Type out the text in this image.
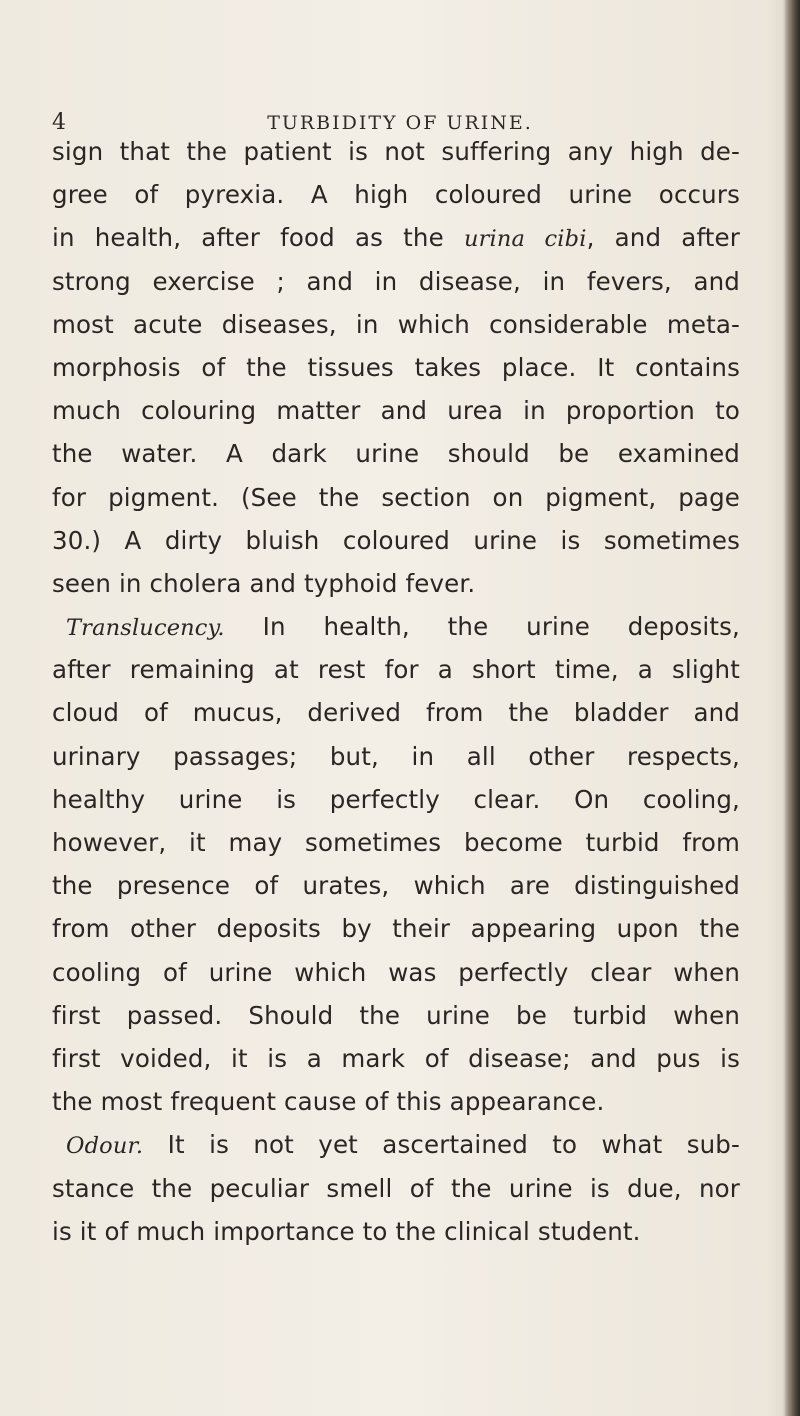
4	TURBIDITY OF URINE.
sign that the patient is not suffering any high de-
gree of pyrexia. A high coloured urine occurs
in health, after food as the urina cibi, and after
strong exercise ; and in disease, in fevers, and
most acute diseases, in which considerable meta-
morphosis of the tissues takes place. It contains
much colouring matter and urea in proportion to
the water. A dark urine should be examined
for pigment. (See the section on pigment, page
30.) A dirty bluish coloured urine is sometimes
seen in cholera and typhoid fever.
Translucency. In health, the urine deposits,
after remaining at rest for a short time, a slight
cloud of mucus, derived from the bladder and
urinary passages; but, in all other respects,
healthy urine is perfectly clear. On cooling,
however, it may sometimes become turbid from
the presence of urates, which are distinguished
from other deposits by their appearing upon the
cooling of urine which was perfectly clear when
first passed. Should the urine be turbid when
first voided, it is a mark of disease; and pus is
the most frequent cause of this appearance.
Odour. It is not yet ascertained to what sub-
stance the peculiar smell of the urine is due, nor
is it of much importance to the clinical student.
